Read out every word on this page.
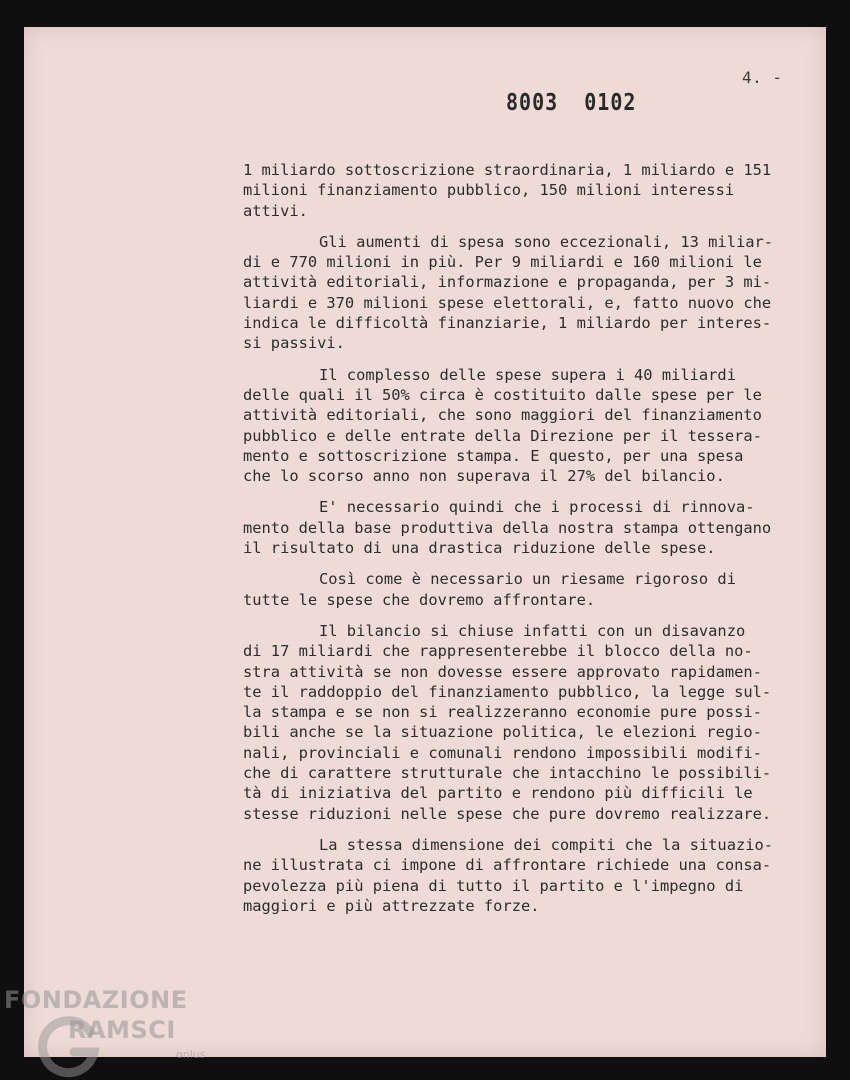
4. -
8003  0102

1 miliardo sottoscrizione straordinaria, 1 miliardo e 151
milioni finanziamento pubblico, 150 milioni interessi
attivi.

Gli aumenti di spesa sono eccezionali, 13 miliar-
di e 770 milioni in più. Per 9 miliardi e 160 milioni le
attività editoriali, informazione e propaganda, per 3 mi-
liardi e 370 milioni spese elettorali, e, fatto nuovo che
indica le difficoltà finanziarie, 1 miliardo per interes-
si passivi.

Il complesso delle spese supera i 40 miliardi
delle quali il 50% circa è costituito dalle spese per le
attività editoriali, che sono maggiori del finanziamento
pubblico e delle entrate della Direzione per il tessera-
mento e sottoscrizione stampa. E questo, per una spesa
che lo scorso anno non superava il 27% del bilancio.

E' necessario quindi che i processi di rinnova-
mento della base produttiva della nostra stampa ottengano
il risultato di una drastica riduzione delle spese.

Così come è necessario un riesame rigoroso di
tutte le spese che dovremo affrontare.

Il bilancio si chiuse infatti con un disavanzo
di 17 miliardi che rappresenterebbe il blocco della no-
stra attività se non dovesse essere approvato rapidamen-
te il raddoppio del finanziamento pubblico, la legge sul-
la stampa e se non si realizzeranno economie pure possi-
bili anche se la situazione politica, le elezioni regio-
nali, provinciali e comunali rendono impossibili modifi-
che di carattere strutturale che intacchino le possibili-
tà di iniziativa del partito e rendono più difficili le
stesse riduzioni nelle spese che pure dovremo realizzare.

La stessa dimensione dei compiti che la situazio-
ne illustrata ci impone di affrontare richiede una consa-
pevolezza più piena di tutto il partito e l'impegno di
maggiori e più attrezzate forze.

FONDAZIONE
RAMSCI
onlus
